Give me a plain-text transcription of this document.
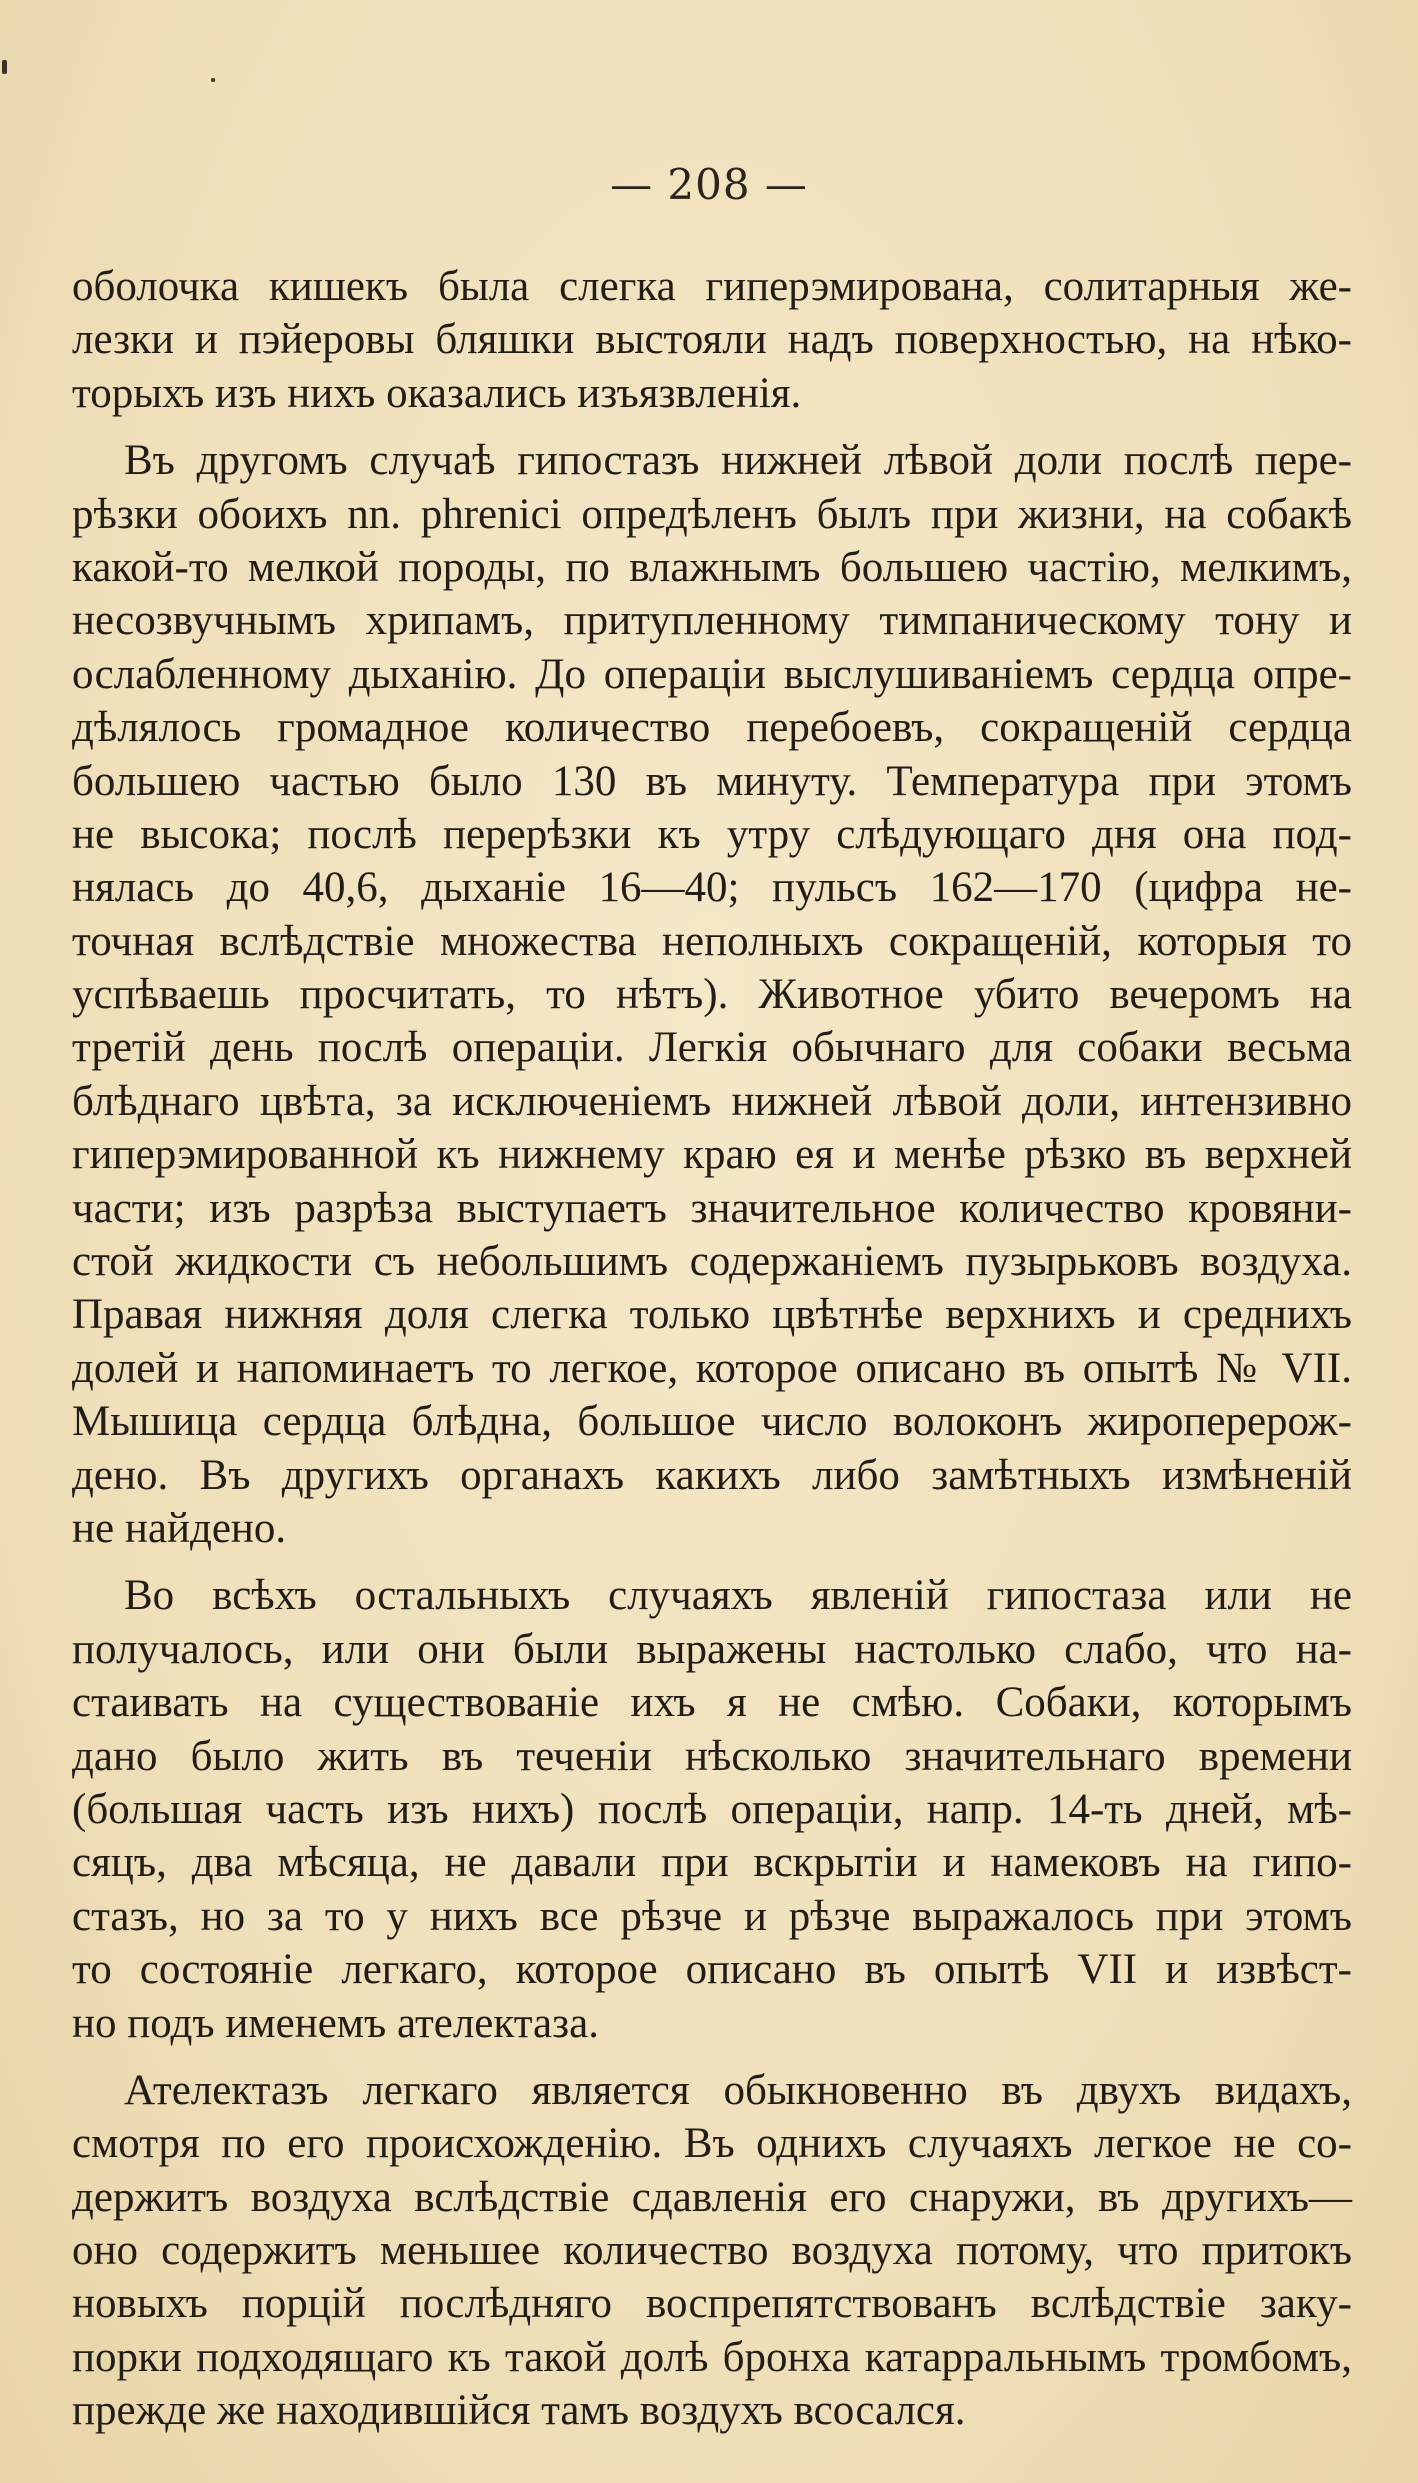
— 208 —
оболочка кишекъ была слегка гиперэмирована, солитарныя же-
лезки и пэйеровы бляшки выстояли надъ поверхностью, на нѣко-
торыхъ изъ нихъ оказались изъязвленія.
Въ другомъ случаѣ гипостазъ нижней лѣвой доли послѣ пере-
рѣзки обоихъ nn. phrenici опредѣленъ былъ при жизни, на собакѣ
какой-то мелкой породы, по влажнымъ большею частію, мелкимъ,
несозвучнымъ хрипамъ, притупленному тимпаническому тону и
ослабленному дыханію. До операціи выслушиваніемъ сердца опре-
дѣлялось громадное количество перебоевъ, сокращеній сердца
большею частью было 130 въ минуту. Температура при этомъ
не высока; послѣ перерѣзки къ утру слѣдующаго дня она под-
нялась до 40,6, дыханіе 16—40; пульсъ 162—170 (цифра не-
точная вслѣдствіе множества неполныхъ сокращеній, которыя то
успѣваешь просчитать, то нѣтъ). Животное убито вечеромъ на
третій день послѣ операціи. Легкія обычнаго для собаки весьма
блѣднаго цвѣта, за исключеніемъ нижней лѣвой доли, интензивно
гиперэмированной къ нижнему краю ея и менѣе рѣзко въ верхней
части; изъ разрѣза выступаетъ значительное количество кровяни-
стой жидкости съ небольшимъ содержаніемъ пузырьковъ воздуха.
Правая нижняя доля слегка только цвѣтнѣе верхнихъ и среднихъ
долей и напоминаетъ то легкое, которое описано въ опытѣ № VII.
Мышица сердца блѣдна, большое число волоконъ жироперерож-
дено. Въ другихъ органахъ какихъ либо замѣтныхъ измѣненій
не найдено.
Во всѣхъ остальныхъ случаяхъ явленій гипостаза или не
получалось, или они были выражены настолько слабо, что на-
стаивать на существованіе ихъ я не смѣю. Собаки, которымъ
дано было жить въ теченіи нѣсколько значительнаго времени
(большая часть изъ нихъ) послѣ операціи, напр. 14-ть дней, мѣ-
сяцъ, два мѣсяца, не давали при вскрытіи и намековъ на гипо-
стазъ, но за то у нихъ все рѣзче и рѣзче выражалось при этомъ
то состояніе легкаго, которое описано въ опытѣ VII и извѣст-
но подъ именемъ ателектаза.
Ателектазъ легкаго является обыкновенно въ двухъ видахъ,
смотря по его происхожденію. Въ однихъ случаяхъ легкое не со-
держитъ воздуха вслѣдствіе сдавленія его снаружи, въ другихъ—
оно содержитъ меньшее количество воздуха потому, что притокъ
новыхъ порцій послѣдняго воспрепятствованъ вслѣдствіе заку-
порки подходящаго къ такой долѣ бронха катарральнымъ тромбомъ,
прежде же находившійся тамъ воздухъ всосался.
